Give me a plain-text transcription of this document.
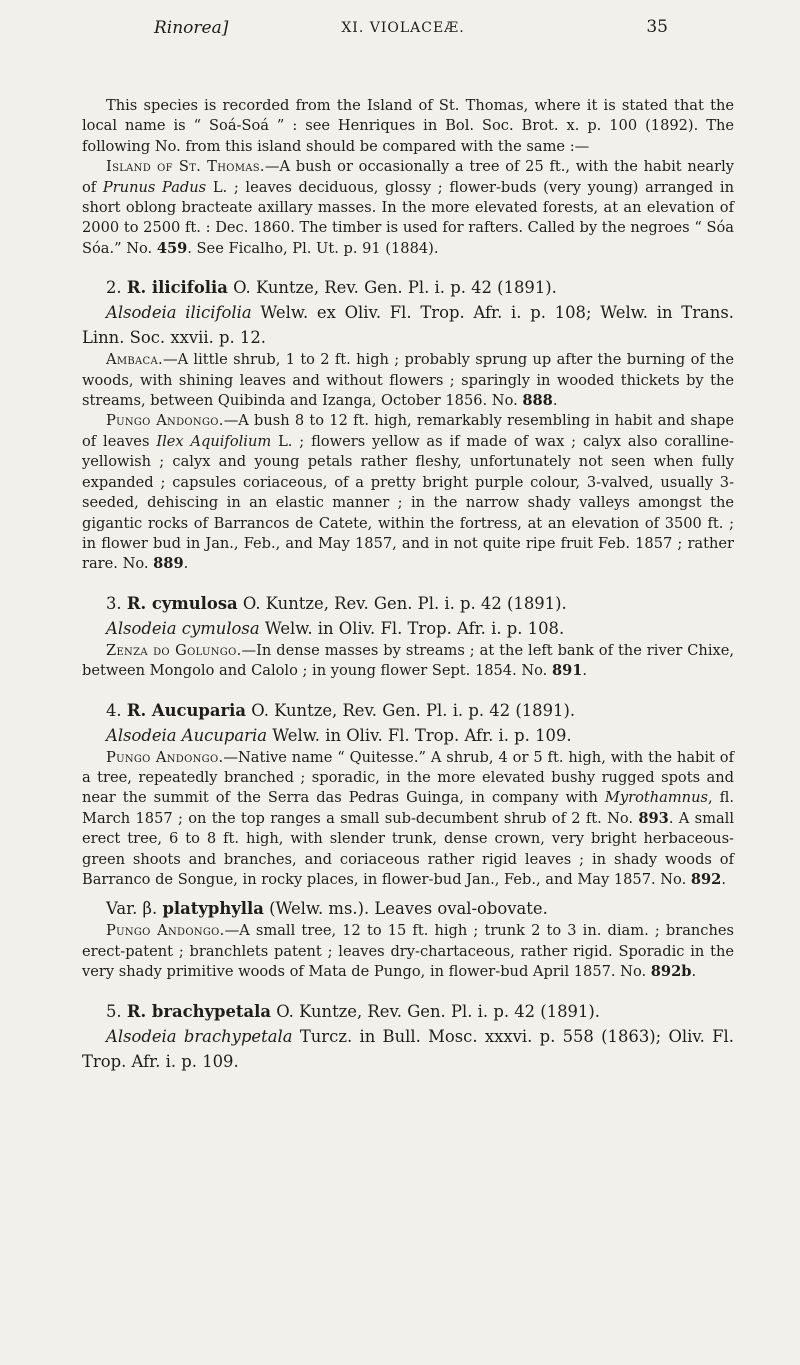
Rinorea]	XI. VIOLACEÆ.	35

This species is recorded from the Island of St. Thomas, where it is stated that the local name is “ Soá-Soá ” : see Henriques in Bol. Soc. Brot. x. p. 100 (1892). The following No. from this island should be compared with the same :—

Island of St. Thomas.—A bush or occasionally a tree of 25 ft., with the habit nearly of Prunus Padus L. ; leaves deciduous, glossy ; flower-buds (very young) arranged in short oblong bracteate axillary masses. In the more elevated forests, at an elevation of 2000 to 2500 ft. : Dec. 1860. The timber is used for rafters. Called by the negroes “ Sóa Sóa.” No. 459. See Ficalho, Pl. Ut. p. 91 (1884).

2. R. ilicifolia O. Kuntze, Rev. Gen. Pl. i. p. 42 (1891).

Alsodeia ilicifolia Welw. ex Oliv. Fl. Trop. Afr. i. p. 108; Welw. in Trans. Linn. Soc. xxvii. p. 12.

Ambaca.—A little shrub, 1 to 2 ft. high ; probably sprung up after the burning of the woods, with shining leaves and without flowers ; sparingly in wooded thickets by the streams, between Quibinda and Izanga, October 1856. No. 888.

Pungo Andongo.—A bush 8 to 12 ft. high, remarkably resembling in habit and shape of leaves Ilex Aquifolium L. ; flowers yellow as if made of wax ; calyx also coralline-yellowish ; calyx and young petals rather fleshy, unfortunately not seen when fully expanded ; capsules coriaceous, of a pretty bright purple colour, 3-valved, usually 3-seeded, dehiscing in an elastic manner ; in the narrow shady valleys amongst the gigantic rocks of Barrancos de Catete, within the fortress, at an elevation of 3500 ft. ; in flower bud in Jan., Feb., and May 1857, and in not quite ripe fruit Feb. 1857 ; rather rare. No. 889.

3. R. cymulosa O. Kuntze, Rev. Gen. Pl. i. p. 42 (1891).

Alsodeia cymulosa Welw. in Oliv. Fl. Trop. Afr. i. p. 108.

Zenza do Golungo.—In dense masses by streams ; at the left bank of the river Chixe, between Mongolo and Calolo ; in young flower Sept. 1854. No. 891.

4. R. Aucuparia O. Kuntze, Rev. Gen. Pl. i. p. 42 (1891).

Alsodeia Aucuparia Welw. in Oliv. Fl. Trop. Afr. i. p. 109.

Pungo Andongo.—Native name “ Quitesse.” A shrub, 4 or 5 ft. high, with the habit of a tree, repeatedly branched ; sporadic, in the more elevated bushy rugged spots and near the summit of the Serra das Pedras Guinga, in company with Myrothamnus, fl. March 1857 ; on the top ranges a small sub-decumbent shrub of 2 ft. No. 893. A small erect tree, 6 to 8 ft. high, with slender trunk, dense crown, very bright herbaceous-green shoots and branches, and coriaceous rather rigid leaves ; in shady woods of Barranco de Songue, in rocky places, in flower-bud Jan., Feb., and May 1857. No. 892.

Var. β. platyphylla (Welw. ms.). Leaves oval-obovate.

Pungo Andongo.—A small tree, 12 to 15 ft. high ; trunk 2 to 3 in. diam. ; branches erect-patent ; branchlets patent ; leaves dry-chartaceous, rather rigid. Sporadic in the very shady primitive woods of Mata de Pungo, in flower-bud April 1857. No. 892b.

5. R. brachypetala O. Kuntze, Rev. Gen. Pl. i. p. 42 (1891).

Alsodeia brachypetala Turcz. in Bull. Mosc. xxxvi. p. 558 (1863); Oliv. Fl. Trop. Afr. i. p. 109.
